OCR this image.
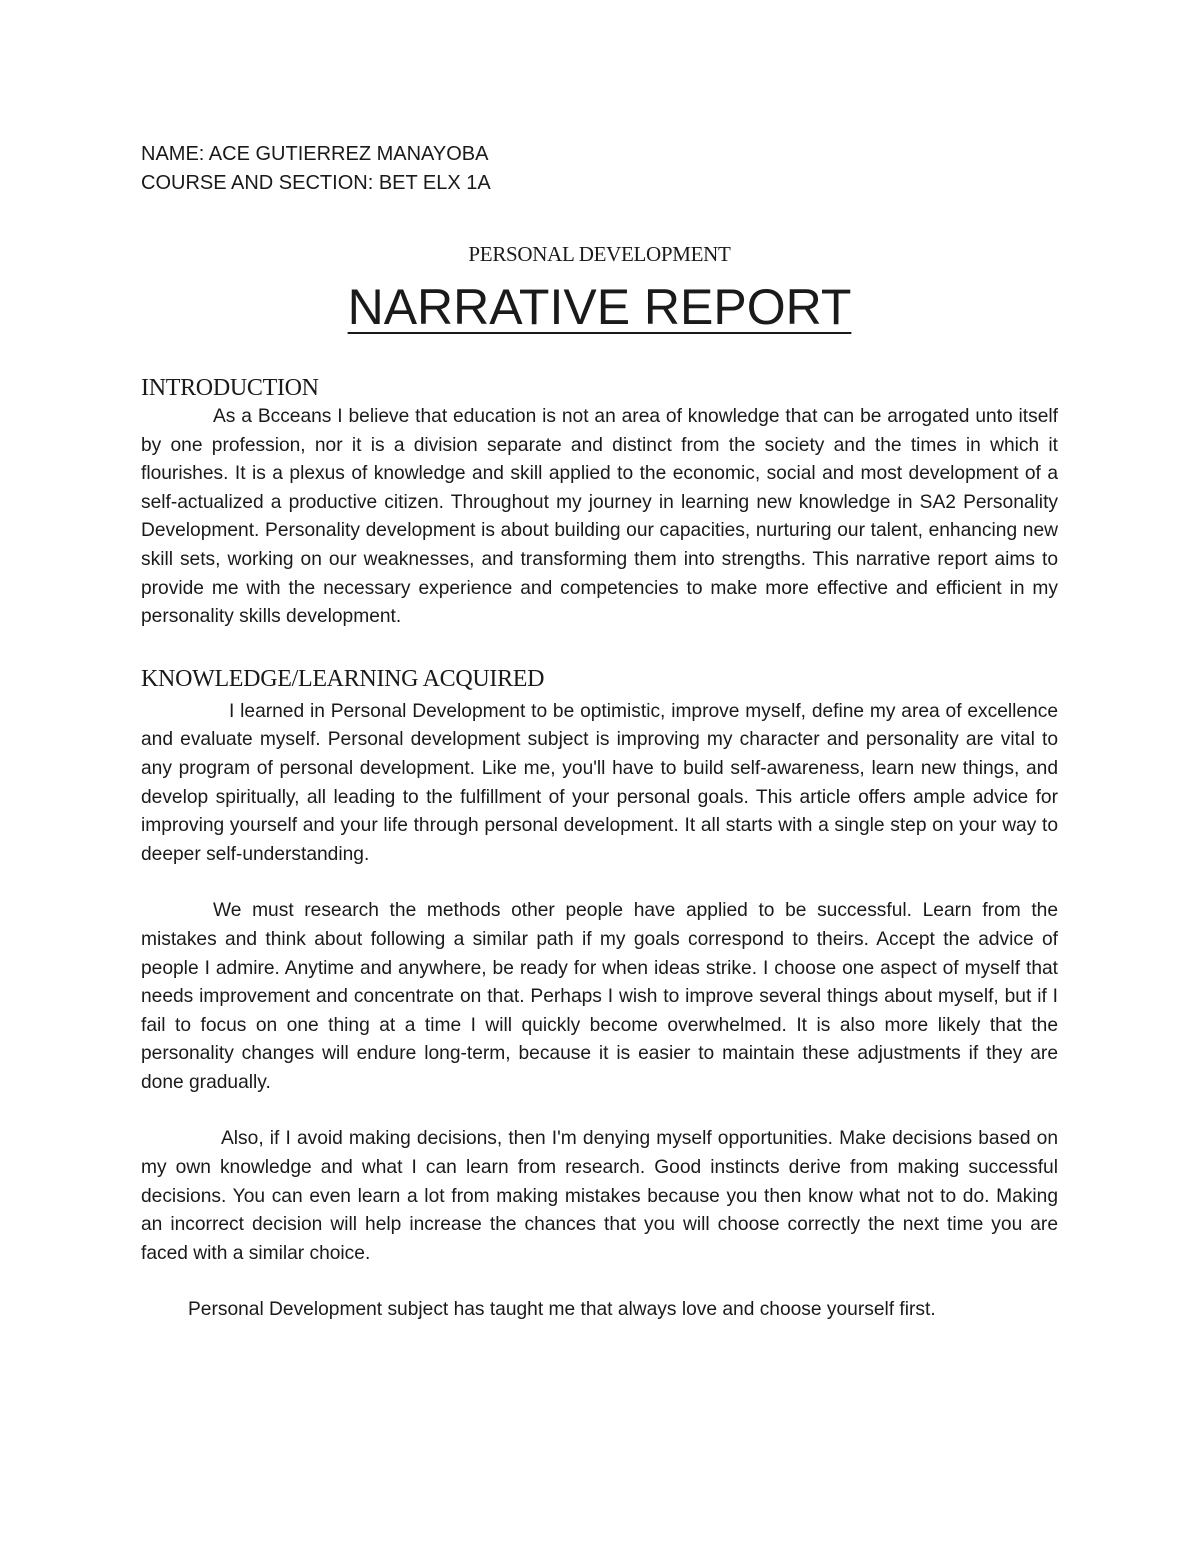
NAME: ACE GUTIERREZ MANAYOBA

COURSE AND SECTION: BET ELX 1A

PERSONAL DEVELOPMENT

NARRATIVE REPORT
INTRODUCTION

As a Bcceans I believe that education is not an area of knowledge that can be arrogated unto itself by one profession, nor it is a division separate and distinct from the society and the times in which it flourishes. It is a plexus of knowledge and skill applied to the economic, social and most development of a self-actualized a productive citizen. Throughout my journey in learning new knowledge in SA2 Personality Development. Personality development is about building our capacities, nurturing our talent, enhancing new skill sets, working on our weaknesses, and transforming them into strengths. This narrative report aims to provide me with the necessary experience and competencies to make more effective and efficient in my personality skills development.

KNOWLEDGE/LEARNING ACQUIRED

I learned in Personal Development to be optimistic, improve myself, define my area of excellence and evaluate myself. Personal development subject is improving my character and personality are vital to any program of personal development. Like me, you'll have to build self-awareness, learn new things, and develop spiritually, all leading to the fulfillment of your personal goals. This article offers ample advice for improving yourself and your life through personal development. It all starts with a single step on your way to deeper self-understanding.

We must research the methods other people have applied to be successful. Learn from the mistakes and think about following a similar path if my goals correspond to theirs. Accept the advice of people I admire. Anytime and anywhere, be ready for when ideas strike. I choose one aspect of myself that needs improvement and concentrate on that. Perhaps I wish to improve several things about myself, but if I fail to focus on one thing at a time I will quickly become overwhelmed. It is also more likely that the personality changes will endure long-term, because it is easier to maintain these adjustments if they are done gradually.

Also, if I avoid making decisions, then I'm denying myself opportunities. Make decisions based on my own knowledge and what I can learn from research. Good instincts derive from making successful decisions. You can even learn a lot from making mistakes because you then know what not to do. Making an incorrect decision will help increase the chances that you will choose correctly the next time you are faced with a similar choice.

Personal Development subject has taught me that always love and choose yourself first.
